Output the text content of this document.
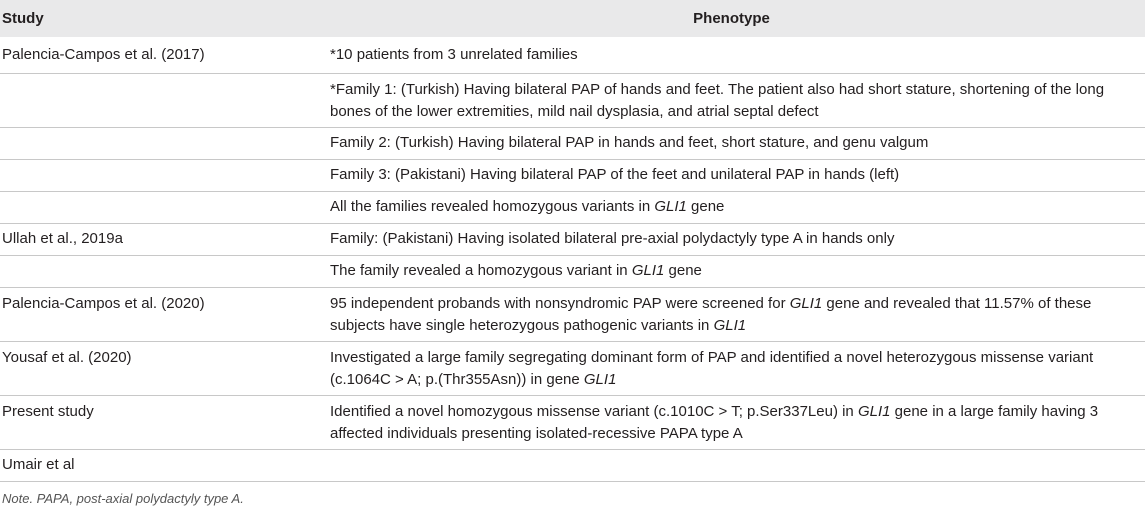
Study	Phenotype
Palencia-Campos et al. (2017)	*10 patients from 3 unrelated families
	*Family 1: (Turkish) Having bilateral PAP of hands and feet. The patient also had short stature, shortening of the long bones of the lower extremities, mild nail dysplasia, and atrial septal defect
	Family 2: (Turkish) Having bilateral PAP in hands and feet, short stature, and genu valgum
	Family 3: (Pakistani) Having bilateral PAP of the feet and unilateral PAP in hands (left)
	All the families revealed homozygous variants in GLI1 gene
Ullah et al., 2019a	Family: (Pakistani) Having isolated bilateral pre-axial polydactyly type A in hands only
	The family revealed a homozygous variant in GLI1 gene
Palencia-Campos et al. (2020)	95 independent probands with nonsyndromic PAP were screened for GLI1 gene and revealed that 11.57% of these subjects have single heterozygous pathogenic variants in GLI1
Yousaf et al. (2020)	Investigated a large family segregating dominant form of PAP and identified a novel heterozygous missense variant (c.1064C > A; p.(Thr355Asn)) in gene GLI1
Present study	Identified a novel homozygous missense variant (c.1010C > T; p.Ser337Leu) in GLI1 gene in a large family having 3 affected individuals presenting isolated-recessive PAPA type A
Umair et al	
Note. PAPA, post-axial polydactyly type A.
